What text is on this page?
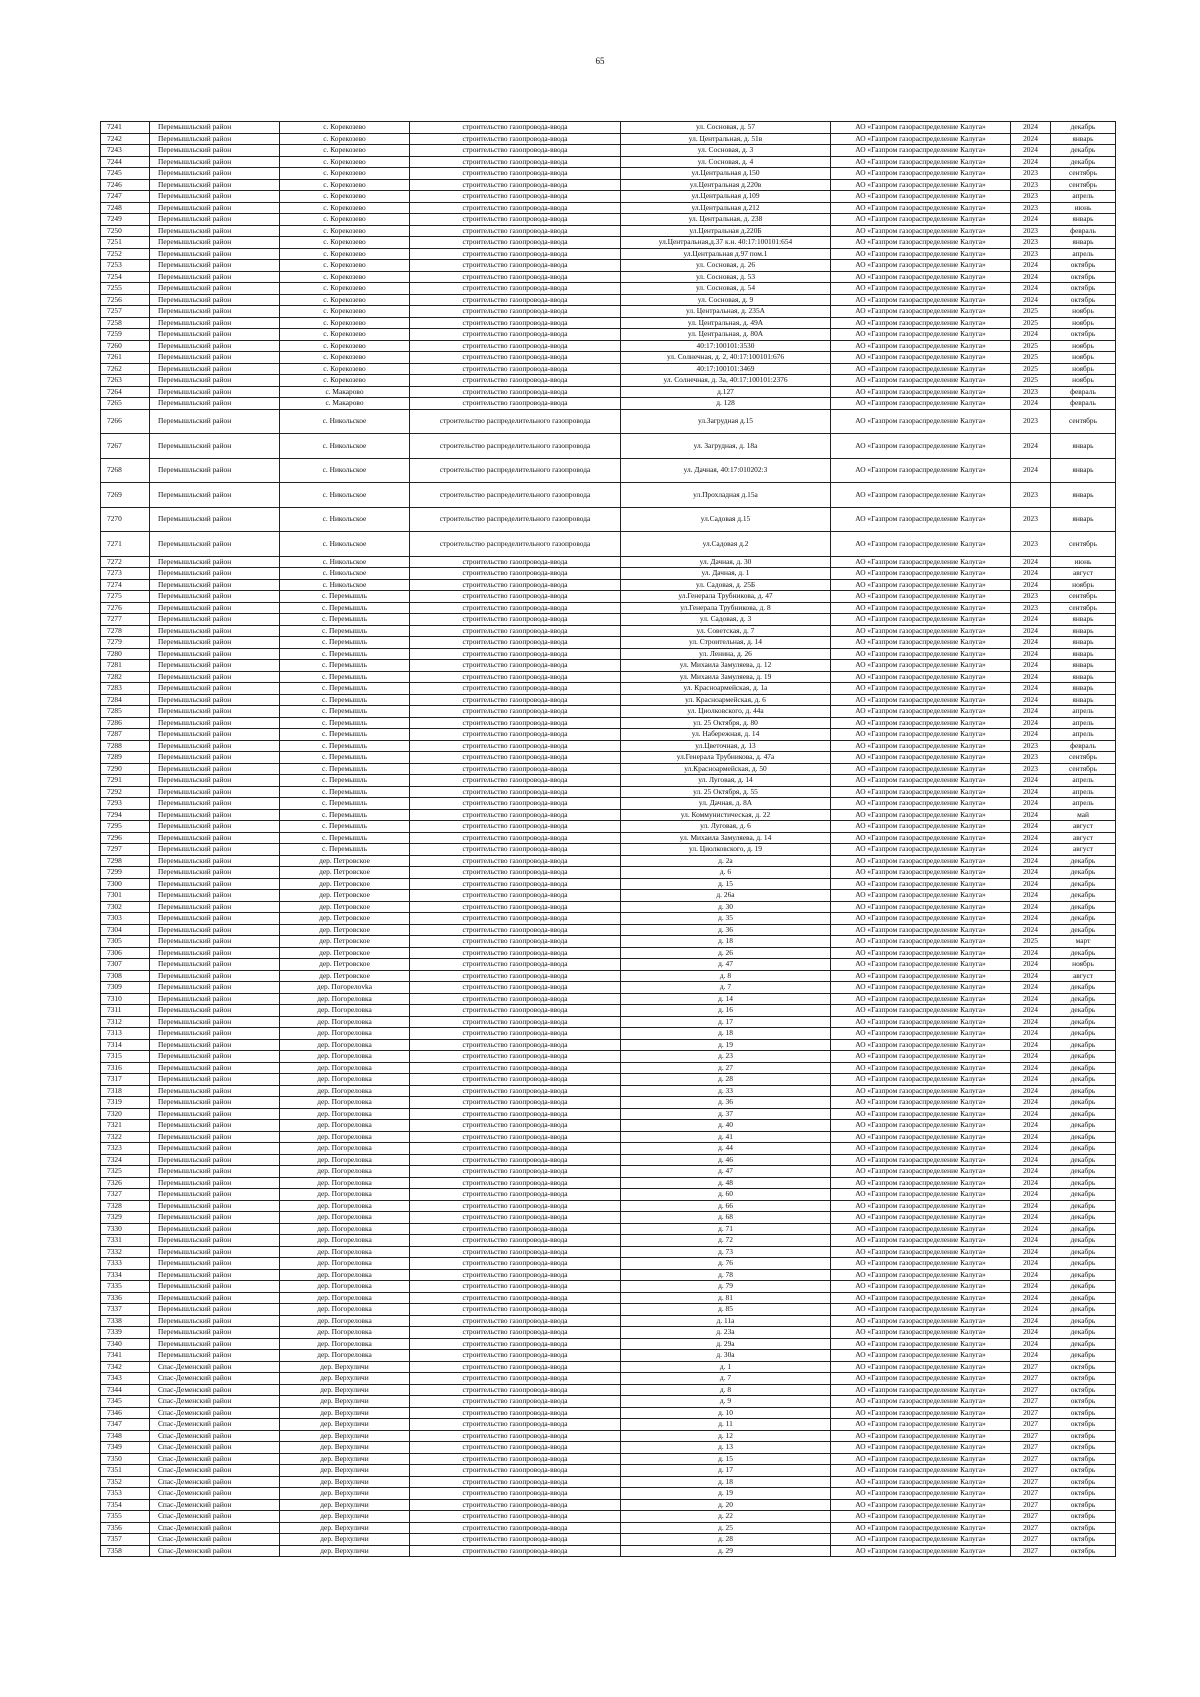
65
7241	Перемышльский район	с. Корекозево	строительство газопровода-ввода	ул. Сосновая, д. 57	АО «Газпром газораспределение Калуга»	2024	декабрь
7242	Перемышльский район	с. Корекозево	строительство газопровода-ввода	ул. Центральная, д. 51в	АО «Газпром газораспределение Калуга»	2024	январь
7243	Перемышльский район	с. Корекозево	строительство газопровода-ввода	ул. Сосновая, д. 3	АО «Газпром газораспределение Калуга»	2024	декабрь
7244	Перемышльский район	с. Корекозево	строительство газопровода-ввода	ул. Сосновая, д. 4	АО «Газпром газораспределение Калуга»	2024	декабрь
7245	Перемышльский район	с. Корекозево	строительство газопровода-ввода	ул.Центральная д.150	АО «Газпром газораспределение Калуга»	2023	сентябрь
7246	Перемышльский район	с. Корекозево	строительство газопровода-ввода	ул.Центральная д.220в	АО «Газпром газораспределение Калуга»	2023	сентябрь
7247	Перемышльский район	с. Корекозево	строительство газопровода-ввода	ул.Центральная д.109	АО «Газпром газораспределение Калуга»	2023	апрель
7248	Перемышльский район	с. Корекозево	строительство газопровода-ввода	ул.Центральная д.212	АО «Газпром газораспределение Калуга»	2023	июнь
7249	Перемышльский район	с. Корекозево	строительство газопровода-ввода	ул. Центральная, д. 238	АО «Газпром газораспределение Калуга»	2024	январь
7250	Перемышльский район	с. Корекозево	строительство газопровода-ввода	ул.Центральная д.220Б	АО «Газпром газораспределение Калуга»	2023	февраль
7251	Перемышльский район	с. Корекозево	строительство газопровода-ввода	ул.Центральная,д.37 к.н. 40:17:100101:654	АО «Газпром газораспределение Калуга»	2023	январь
7252	Перемышльский район	с. Корекозево	строительство газопровода-ввода	ул.Центральная д.97 пом.1	АО «Газпром газораспределение Калуга»	2023	апрель
7253	Перемышльский район	с. Корекозево	строительство газопровода-ввода	ул. Сосновая, д. 26	АО «Газпром газораспределение Калуга»	2024	октябрь
7254	Перемышльский район	с. Корекозево	строительство газопровода-ввода	ул. Сосновая, д. 53	АО «Газпром газораспределение Калуга»	2024	октябрь
7255	Перемышльский район	с. Корекозево	строительство газопровода-ввода	ул. Сосновая, д. 54	АО «Газпром газораспределение Калуга»	2024	октябрь
7256	Перемышльский район	с. Корекозево	строительство газопровода-ввода	ул. Сосновая, д. 9	АО «Газпром газораспределение Калуга»	2024	октябрь
7257	Перемышльский район	с. Корекозево	строительство газопровода-ввода	ул. Центральная, д. 235А	АО «Газпром газораспределение Калуга»	2025	ноябрь
7258	Перемышльский район	с. Корекозево	строительство газопровода-ввода	ул. Центральная, д. 49А	АО «Газпром газораспределение Калуга»	2025	ноябрь
7259	Перемышльский район	с. Корекозево	строительство газопровода-ввода	ул. Центральная, д. 80А	АО «Газпром газораспределение Калуга»	2024	октябрь
7260	Перемышльский район	с. Корекозево	строительство газопровода-ввода	40:17:100101:3530	АО «Газпром газораспределение Калуга»	2025	ноябрь
7261	Перемышльский район	с. Корекозево	строительство газопровода-ввода	ул. Солнечная, д. 2, 40:17:100101:676	АО «Газпром газораспределение Калуга»	2025	ноябрь
7262	Перемышльский район	с. Корекозево	строительство газопровода-ввода	40:17:100101:3469	АО «Газпром газораспределение Калуга»	2025	ноябрь
7263	Перемышльский район	с. Корекозево	строительство газопровода-ввода	ул. Солнечная, д. 3а, 40:17:100101:2376	АО «Газпром газораспределение Калуга»	2025	ноябрь
7264	Перемышльский район	с. Макарово	строительство газопровода-ввода	д.127	АО «Газпром газораспределение Калуга»	2023	февраль
7265	Перемышльский район	с. Макарово	строительство газопровода-ввода	д. 128	АО «Газпром газораспределение Калуга»	2024	февраль
7266	Перемышльский район	с. Никольское	строительство распределительного газопровода	ул.Загрудная д.15	АО «Газпром газораспределение Калуга»	2023	сентябрь
7267	Перемышльский район	с. Никольское	строительство распределительного газопровода	ул. Загрудная, д. 18а	АО «Газпром газораспределение Калуга»	2024	январь
7268	Перемышльский район	с. Никольское	строительство распределительного газопровода	ул. Дачная, 40:17:010202:3	АО «Газпром газораспределение Калуга»	2024	январь
7269	Перемышльский район	с. Никольское	строительство распределительного газопровода	ул.Прохладная д.15а	АО «Газпром газораспределение Калуга»	2023	январь
7270	Перемышльский район	с. Никольское	строительство распределительного газопровода	ул.Садовая д.15	АО «Газпром газораспределение Калуга»	2023	январь
7271	Перемышльский район	с. Никольское	строительство распределительного газопровода	ул.Садовая д.2	АО «Газпром газораспределение Калуга»	2023	сентябрь
7272	Перемышльский район	с. Никольское	строительство газопровода-ввода	ул. Дачная, д. 30	АО «Газпром газораспределение Калуга»	2024	июнь
7273	Перемышльский район	с. Никольское	строительство газопровода-ввода	ул. Дачная, д. 1	АО «Газпром газораспределение Калуга»	2024	август
7274	Перемышльский район	с. Никольское	строительство газопровода-ввода	ул. Садовая, д. 25Б	АО «Газпром газораспределение Калуга»	2024	ноябрь
7275	Перемышльский район	с. Перемышль	строительство газопровода-ввода	ул.Генерала Трубникова, д. 47	АО «Газпром газораспределение Калуга»	2023	сентябрь
7276	Перемышльский район	с. Перемышль	строительство газопровода-ввода	ул.Генерала Трубникова, д. 8	АО «Газпром газораспределение Калуга»	2023	сентябрь
7277	Перемышльский район	с. Перемышль	строительство газопровода-ввода	ул. Садовая, д. 3	АО «Газпром газораспределение Калуга»	2024	январь
7278	Перемышльский район	с. Перемышль	строительство газопровода-ввода	ул. Советская, д. 7	АО «Газпром газораспределение Калуга»	2024	январь
7279	Перемышльский район	с. Перемышль	строительство газопровода-ввода	ул. Строительная, д. 14	АО «Газпром газораспределение Калуга»	2024	январь
7280	Перемышльский район	с. Перемышль	строительство газопровода-ввода	ул. Ленина, д. 26	АО «Газпром газораспределение Калуга»	2024	январь
7281	Перемышльский район	с. Перемышль	строительство газопровода-ввода	ул. Михаила Замуляева, д. 12	АО «Газпром газораспределение Калуга»	2024	январь
7282	Перемышльский район	с. Перемышль	строительство газопровода-ввода	ул. Михаила Замуляева, д. 19	АО «Газпром газораспределение Калуга»	2024	январь
7283	Перемышльский район	с. Перемышль	строительство газопровода-ввода	ул. Красноармейская, д. 1а	АО «Газпром газораспределение Калуга»	2024	январь
7284	Перемышльский район	с. Перемышль	строительство газопровода-ввода	ул. Красноармейская, д. 6	АО «Газпром газораспределение Калуга»	2024	январь
7285	Перемышльский район	с. Перемышль	строительство газопровода-ввода	ул. Циолковского, д. 44а	АО «Газпром газораспределение Калуга»	2024	апрель
7286	Перемышльский район	с. Перемышль	строительство газопровода-ввода	ул. 25 Октября, д. 80	АО «Газпром газораспределение Калуга»	2024	апрель
7287	Перемышльский район	с. Перемышль	строительство газопровода-ввода	ул. Набережная, д. 14	АО «Газпром газораспределение Калуга»	2024	апрель
7288	Перемышльский район	с. Перемышль	строительство газопровода-ввода	ул.Цветочная, д. 13	АО «Газпром газораспределение Калуга»	2023	февраль
7289	Перемышльский район	с. Перемышль	строительство газопровода-ввода	ул.Генерала Трубникова, д. 47а	АО «Газпром газораспределение Калуга»	2023	сентябрь
7290	Перемышльский район	с. Перемышль	строительство газопровода-ввода	ул.Красноармейская, д. 50	АО «Газпром газораспределение Калуга»	2023	сентябрь
7291	Перемышльский район	с. Перемышль	строительство газопровода-ввода	ул. Луговая, д. 14	АО «Газпром газораспределение Калуга»	2024	апрель
7292	Перемышльский район	с. Перемышль	строительство газопровода-ввода	ул. 25 Октября, д. 55	АО «Газпром газораспределение Калуга»	2024	апрель
7293	Перемышльский район	с. Перемышль	строительство газопровода-ввода	ул. Дачная, д. 8А	АО «Газпром газораспределение Калуга»	2024	апрель
7294	Перемышльский район	с. Перемышль	строительство газопровода-ввода	ул. Коммунистическая, д. 22	АО «Газпром газораспределение Калуга»	2024	май
7295	Перемышльский район	с. Перемышль	строительство газопровода-ввода	ул. Луговая, д. 6	АО «Газпром газораспределение Калуга»	2024	август
7296	Перемышльский район	с. Перемышль	строительство газопровода-ввода	ул. Михаила Замуляева, д. 14	АО «Газпром газораспределение Калуга»	2024	август
7297	Перемышльский район	с. Перемышль	строительство газопровода-ввода	ул. Циолковского, д. 19	АО «Газпром газораспределение Калуга»	2024	август
7298	Перемышльский район	дер. Петровское	строительство газопровода-ввода	д. 2а	АО «Газпром газораспределение Калуга»	2024	декабрь
7299	Перемышльский район	дер. Петровское	строительство газопровода-ввода	д. 6	АО «Газпром газораспределение Калуга»	2024	декабрь
7300	Перемышльский район	дер. Петровское	строительство газопровода-ввода	д. 15	АО «Газпром газораспределение Калуга»	2024	декабрь
7301	Перемышльский район	дер. Петровское	строительство газопровода-ввода	д. 26а	АО «Газпром газораспределение Калуга»	2024	декабрь
7302	Перемышльский район	дер. Петровское	строительство газопровода-ввода	д. 30	АО «Газпром газораспределение Калуга»	2024	декабрь
7303	Перемышльский район	дер. Петровское	строительство газопровода-ввода	д. 35	АО «Газпром газораспределение Калуга»	2024	декабрь
7304	Перемышльский район	дер. Петровское	строительство газопровода-ввода	д. 36	АО «Газпром газораспределение Калуга»	2024	декабрь
7305	Перемышльский район	дер. Петровское	строительство газопровода-ввода	д. 18	АО «Газпром газораспределение Калуга»	2025	март
7306	Перемышльский район	дер. Петровское	строительство газопровода-ввода	д. 26	АО «Газпром газораспределение Калуга»	2024	декабрь
7307	Перемышльский район	дер. Петровское	строительство газопровода-ввода	д. 47	АО «Газпром газораспределение Калуга»	2024	ноябрь
7308	Перемышльский район	дер. Петровское	строительство газопровода-ввода	д. 8	АО «Газпром газораспределение Калуга»	2024	август
7309	Перемышльский район	дер. Погорелovka	строительство газопровода-ввода	д. 7	АО «Газпром газораспределение Калуга»	2024	декабрь
7310	Перемышльский район	дер. Погореловка	строительство газопровода-ввода	д. 14	АО «Газпром газораспределение Калуга»	2024	декабрь
7311	Перемышльский район	дер. Погореловка	строительство газопровода-ввода	д. 16	АО «Газпром газораспределение Калуга»	2024	декабрь
7312	Перемышльский район	дер. Погореловка	строительство газопровода-ввода	д. 17	АО «Газпром газораспределение Калуга»	2024	декабрь
7313	Перемышльский район	дер. Погореловка	строительство газопровода-ввода	д. 18	АО «Газпром газораспределение Калуга»	2024	декабрь
7314	Перемышльский район	дер. Погореловка	строительство газопровода-ввода	д. 19	АО «Газпром газораспределение Калуга»	2024	декабрь
7315	Перемышльский район	дер. Погореловка	строительство газопровода-ввода	д. 23	АО «Газпром газораспределение Калуга»	2024	декабрь
7316	Перемышльский район	дер. Погореловка	строительство газопровода-ввода	д. 27	АО «Газпром газораспределение Калуга»	2024	декабрь
7317	Перемышльский район	дер. Погореловка	строительство газопровода-ввода	д. 28	АО «Газпром газораспределение Калуга»	2024	декабрь
7318	Перемышльский район	дер. Погореловка	строительство газопровода-ввода	д. 33	АО «Газпром газораспределение Калуга»	2024	декабрь
7319	Перемышльский район	дер. Погореловка	строительство газопровода-ввода	д. 36	АО «Газпром газораспределение Калуга»	2024	декабрь
7320	Перемышльский район	дер. Погореловка	строительство газопровода-ввода	д. 37	АО «Газпром газораспределение Калуга»	2024	декабрь
7321	Перемышльский район	дер. Погореловка	строительство газопровода-ввода	д. 40	АО «Газпром газораспределение Калуга»	2024	декабрь
7322	Перемышльский район	дер. Погореловка	строительство газопровода-ввода	д. 41	АО «Газпром газораспределение Калуга»	2024	декабрь
7323	Перемышльский район	дер. Погореловка	строительство газопровода-ввода	д. 44	АО «Газпром газораспределение Калуга»	2024	декабрь
7324	Перемышльский район	дер. Погореловка	строительство газопровода-ввода	д. 46	АО «Газпром газораспределение Калуга»	2024	декабрь
7325	Перемышльский район	дер. Погореловка	строительство газопровода-ввода	д. 47	АО «Газпром газораспределение Калуга»	2024	декабрь
7326	Перемышльский район	дер. Погореловка	строительство газопровода-ввода	д. 48	АО «Газпром газораспределение Калуга»	2024	декабрь
7327	Перемышльский район	дер. Погореловка	строительство газопровода-ввода	д. 60	АО «Газпром газораспределение Калуга»	2024	декабрь
7328	Перемышльский район	дер. Погореловка	строительство газопровода-ввода	д. 66	АО «Газпром газораспределение Калуга»	2024	декабрь
7329	Перемышльский район	дер. Погореловка	строительство газопровода-ввода	д. 68	АО «Газпром газораспределение Калуга»	2024	декабрь
7330	Перемышльский район	дер. Погореловка	строительство газопровода-ввода	д. 71	АО «Газпром газораспределение Калуга»	2024	декабрь
7331	Перемышльский район	дер. Погореловка	строительство газопровода-ввода	д. 72	АО «Газпром газораспределение Калуга»	2024	декабрь
7332	Перемышльский район	дер. Погореловка	строительство газопровода-ввода	д. 73	АО «Газпром газораспределение Калуга»	2024	декабрь
7333	Перемышльский район	дер. Погореловка	строительство газопровода-ввода	д. 76	АО «Газпром газораспределение Калуга»	2024	декабрь
7334	Перемышльский район	дер. Погореловка	строительство газопровода-ввода	д. 78	АО «Газпром газораспределение Калуга»	2024	декабрь
7335	Перемышльский район	дер. Погореловка	строительство газопровода-ввода	д. 79	АО «Газпром газораспределение Калуга»	2024	декабрь
7336	Перемышльский район	дер. Погореловка	строительство газопровода-ввода	д. 81	АО «Газпром газораспределение Калуга»	2024	декабрь
7337	Перемышльский район	дер. Погореловка	строительство газопровода-ввода	д. 85	АО «Газпром газораспределение Калуга»	2024	декабрь
7338	Перемышльский район	дер. Погореловка	строительство газопровода-ввода	д. 11а	АО «Газпром газораспределение Калуга»	2024	декабрь
7339	Перемышльский район	дер. Погореловка	строительство газопровода-ввода	д. 23а	АО «Газпром газораспределение Калуга»	2024	декабрь
7340	Перемышльский район	дер. Погореловка	строительство газопровода-ввода	д. 29а	АО «Газпром газораспределение Калуга»	2024	декабрь
7341	Перемышльский район	дер. Погореловка	строительство газопровода-ввода	д. 30а	АО «Газпром газораспределение Калуга»	2024	декабрь
7342	Спас-Деменский район	дер. Верхуличи	строительство газопровода-ввода	д. 1	АО «Газпром газораспределение Калуга»	2027	октябрь
7343	Спас-Деменский район	дер. Верхуличи	строительство газопровода-ввода	д. 7	АО «Газпром газораспределение Калуга»	2027	октябрь
7344	Спас-Деменский район	дер. Верхуличи	строительство газопровода-ввода	д. 8	АО «Газпром газораспределение Калуга»	2027	октябрь
7345	Спас-Деменский район	дер. Верхуличи	строительство газопровода-ввода	д. 9	АО «Газпром газораспределение Калуга»	2027	октябрь
7346	Спас-Деменский район	дер. Верхуличи	строительство газопровода-ввода	д. 10	АО «Газпром газораспределение Калуга»	2027	октябрь
7347	Спас-Деменский район	дер. Верхуличи	строительство газопровода-ввода	д. 11	АО «Газпром газораспределение Калуга»	2027	октябрь
7348	Спас-Деменский район	дер. Верхуличи	строительство газопровода-ввода	д. 12	АО «Газпром газораспределение Калуга»	2027	октябрь
7349	Спас-Деменский район	дер. Верхуличи	строительство газопровода-ввода	д. 13	АО «Газпром газораспределение Калуга»	2027	октябрь
7350	Спас-Деменский район	дер. Верхуличи	строительство газопровода-ввода	д. 15	АО «Газпром газораспределение Калуга»	2027	октябрь
7351	Спас-Деменский район	дер. Верхуличи	строительство газопровода-ввода	д. 17	АО «Газпром газораспределение Калуга»	2027	октябрь
7352	Спас-Деменский район	дер. Верхуличи	строительство газопровода-ввода	д. 18	АО «Газпром газораспределение Калуга»	2027	октябрь
7353	Спас-Деменский район	дер. Верхуличи	строительство газопровода-ввода	д. 19	АО «Газпром газораспределение Калуга»	2027	октябрь
7354	Спас-Деменский район	дер. Верхуличи	строительство газопровода-ввода	д. 20	АО «Газпром газораспределение Калуга»	2027	октябрь
7355	Спас-Деменский район	дер. Верхуличи	строительство газопровода-ввода	д. 22	АО «Газпром газораспределение Калуга»	2027	октябрь
7356	Спас-Деменский район	дер. Верхуличи	строительство газопровода-ввода	д. 25	АО «Газпром газораспределение Калуга»	2027	октябрь
7357	Спас-Деменский район	дер. Верхуличи	строительство газопровода-ввода	д. 28	АО «Газпром газораспределение Калуга»	2027	октябрь
7358	Спас-Деменский район	дер. Верхуличи	строительство газопровода-ввода	д. 29	АО «Газпром газораспределение Калуга»	2027	октябрь
